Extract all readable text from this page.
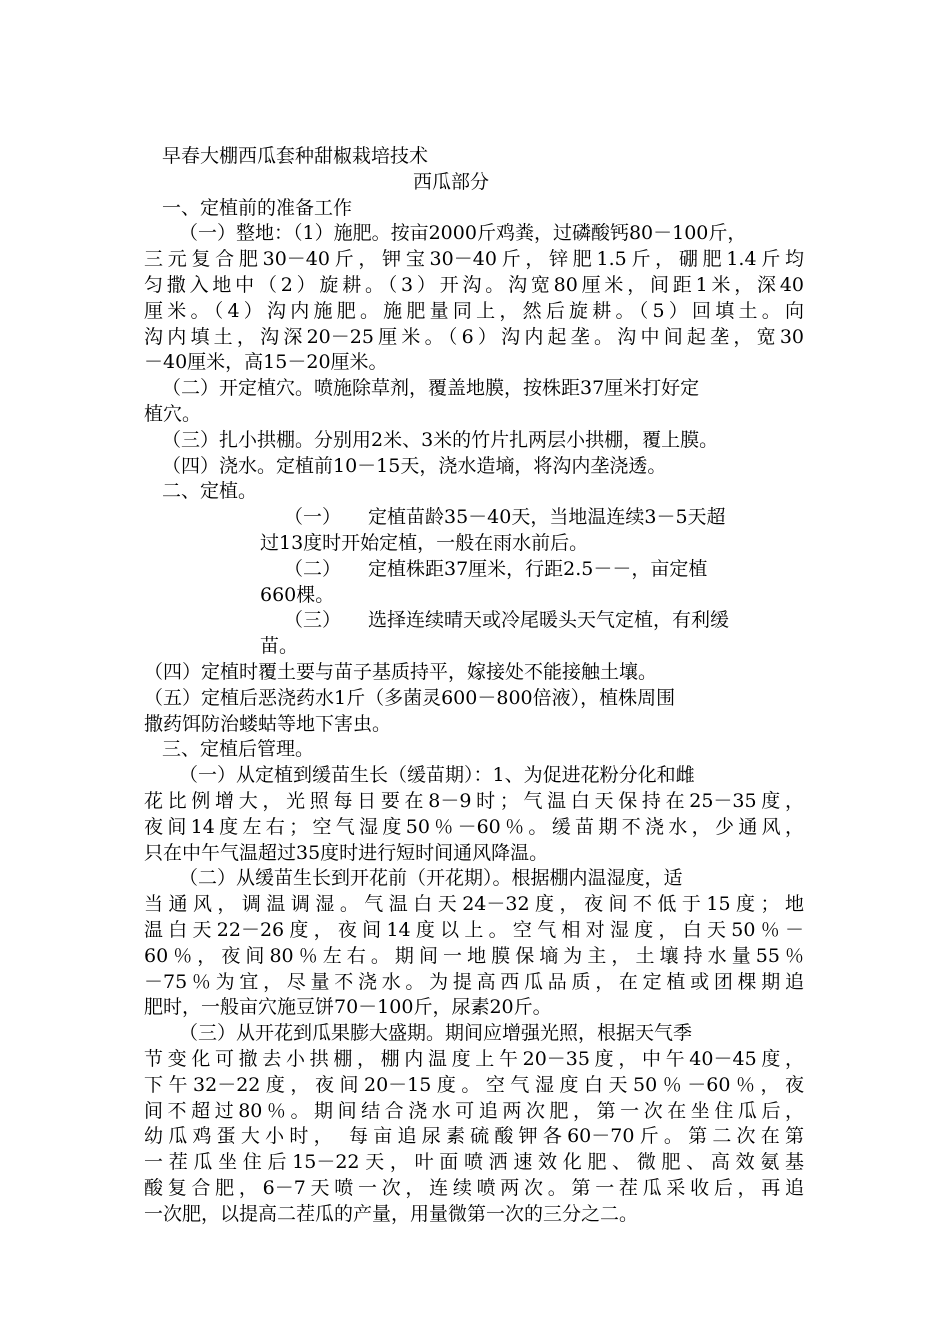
早春大棚西瓜套种甜椒栽培技术
西瓜部分
一、定植前的准备工作
（一）整地：（1）施肥。按亩2000斤鸡粪，过磷酸钙80－100斤，
三元复合肥30－40斤，钾宝30－40斤，锌肥1.5斤，硼肥1.4斤均
匀撒入地中（2）旋耕。（3）开沟。沟宽80厘米，间距1米，深40
厘米。（4）沟内施肥。施肥量同上，然后旋耕。（5）回填土。向
沟内填土，沟深20－25厘米。（6）沟内起垄。沟中间起垄，宽30
－40厘米，高15－20厘米。
（二）开定植穴。喷施除草剂，覆盖地膜，按株距37厘米打好定
植穴。
（三）扎小拱棚。分别用2米、3米的竹片扎两层小拱棚，覆上膜。
（四）浇水。定植前10－15天，浇水造墒，将沟内垄浇透。
二、定植。
（一） 定植苗龄35－40天，当地温连续3－5天超
过13度时开始定植，一般在雨水前后。
（二） 定植株距37厘米，行距2.5－－，亩定植
660棵。
（三） 选择连续晴天或冷尾暖头天气定植，有利缓
苗。
（四）定植时覆土要与苗子基质持平，嫁接处不能接触土壤。
（五）定植后恶浇药水1斤（多菌灵600－800倍液），植株周围
撒药饵防治蝼蛄等地下害虫。
三、定植后管理。
（一）从定植到缓苗生长（缓苗期）：1、为促进花粉分化和雌
花比例增大，光照每日要在8－9时；气温白天保持在25－35度，
夜间14度左右；空气湿度50％－60％。缓苗期不浇水，少通风，
只在中午气温超过35度时进行短时间通风降温。
（二）从缓苗生长到开花前（开花期）。根据棚内温湿度，适
当通风，调温调湿。气温白天24－32度，夜间不低于15度；地
温白天22－26度，夜间14度以上。空气相对湿度，白天50％－
60％，夜间80％左右。期间一地膜保墒为主，土壤持水量55％
－75％为宜，尽量不浇水。为提高西瓜品质，在定植或团棵期追
肥时，一般亩穴施豆饼70－100斤，尿素20斤。
（三）从开花到瓜果膨大盛期。期间应增强光照，根据天气季
节变化可撤去小拱棚，棚内温度上午20－35度，中午40－45度，
下午32－22度，夜间20－15度。空气湿度白天50％－60％，夜
间不超过80％。期间结合浇水可追两次肥，第一次在坐住瓜后，
幼瓜鸡蛋大小时， 每亩追尿素硫酸钾各60－70斤。第二次在第
一茬瓜坐住后15－22天，叶面喷洒速效化肥、微肥、高效氨基
酸复合肥，6－7天喷一次，连续喷两次。第一茬瓜采收后，再追
一次肥，以提高二茬瓜的产量，用量微第一次的三分之二。
